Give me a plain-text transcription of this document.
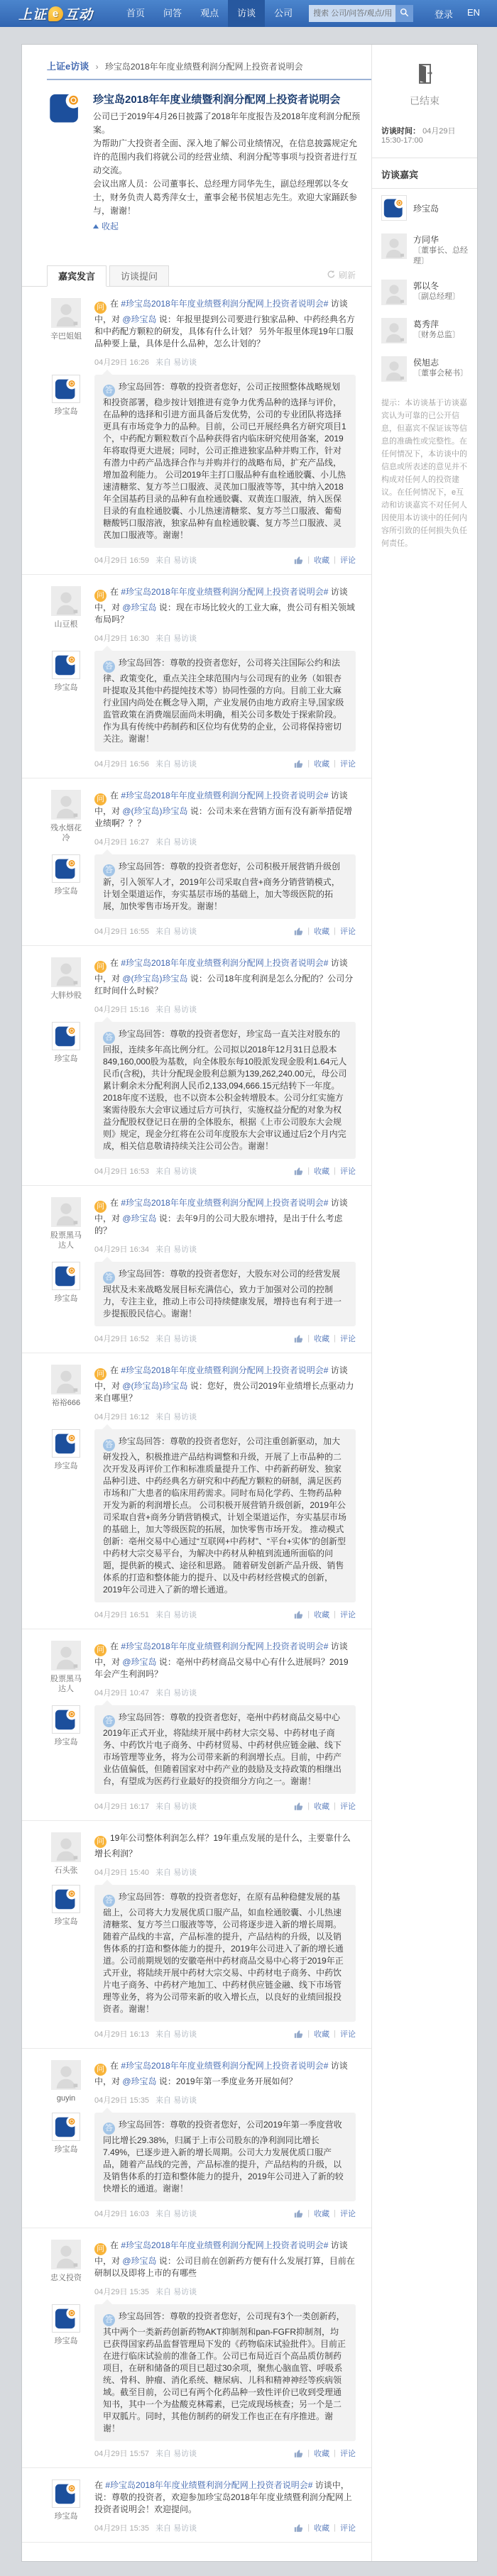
上证 e 互动	首页	问答	观点	访谈	公司
搜索 公司/问答/观点/用户	登录 EN
上证e访谈 › 珍宝岛2018年年度业绩暨利润分配网上投资者说明会
珍宝岛2018年年度业绩暨利润分配网上投资者说明会
公司已于2019年4月26日披露了2018年年度报告及2018年度利润分配预案。
为帮助广大投资者全面、深入地了解公司业绩情况，在信息披露规定允许的范围内我们将就公司的经营业绩、利润分配等事项与投资者进行互动交流。
会议出席人员：公司董事长、总经理方同华先生，副总经理郭以冬女士，财务负责人葛秀萍女士，董事会秘书侯旭志先生。欢迎大家踊跃参与，谢谢！
收起
嘉宾发言	访谈提问	刷新
辛巴姐姐
问 在 #珍宝岛2018年年度业绩暨利润分配网上投资者说明会# 访谈中，对 @珍宝岛 说：年报里提到公司要进行独家品种、中药经典名方和中药配方颗粒的研发，具体有什么计划？ 另外年报里体现19年口服品种要上量，具体是什么品种，怎么计划的？
04月29日 16:26 来自 易访谈
珍宝岛
答 珍宝岛回答：尊敬的投资者您好，公司正按照整体战略规划和投资部署，稳步按计划推进有竞争力优秀品种的选择与评价，在品种的选择和引进方面具备后发优势，公司的专业团队将选择更具有市场竞争力的品种。目前，公司已开展经典名方研究项目1个，中药配方颗粒数百个品种获得省内临床研究使用备案，2019年将取得更大进展；同时，公司正推进独家品种并购工作，针对有潜力中药产品选择合作与并购并行的战略布局，扩充产品线，增加盈利能力。 公司2019年主打口服品种有血栓通胶囊、小儿热速清糖浆、复方芩兰口服液、灵芪加口服液等等，其中纳入2018年全国基药目录的品种有血栓通胶囊、双黄连口服液，纳入医保目录的有血栓通胶囊、小儿热速清糖浆、复方芩兰口服液、葡萄糖酸钙口服溶液，独家品种有血栓通胶囊、复方芩兰口服液、灵芪加口服液等。谢谢！
04月29日 16:59 来自 易访谈	| 收藏 | 评论
山豆根
问 在 #珍宝岛2018年年度业绩暨利润分配网上投资者说明会# 访谈中，对 @珍宝岛 说：现在市场比较火的工业大麻，贵公司有相关领域布局吗？
04月29日 16:30 来自 易访谈
珍宝岛
答 珍宝岛回答：尊敬的投资者您好，公司将关注国际公约和法律、政策变化，重点关注全球范围内与公司现有的业务（如银杏叶提取及其他中药提纯技术等）协同性强的方向。目前工业大麻行业国内尚处在概念导入期，产业发展仍由地方政府主导,国家级监管政策在消费端层面尚未明确，相关公司多数处于探索阶段。作为具有传统中药制药和区位均有优势的企业，公司将保持密切关注。谢谢！
04月29日 16:56 来自 易访谈	| 收藏 | 评论
残水烟花冷
问 在 #珍宝岛2018年年度业绩暨利润分配网上投资者说明会# 访谈中，对 @(珍宝岛)珍宝岛 说：公司未来在营销方面有没有新举措促增业绩啊？？？
04月29日 16:27 来自 易访谈
珍宝岛
答 珍宝岛回答：尊敬的投资者您好，公司积极开展营销升级创新，引入领军人才，2019年公司采取自营+商务分销营销模式，计划全渠道运作，夯实基层市场的基础上，加大等级医院的拓展，加快零售市场开发。谢谢！
04月29日 16:55 来自 易访谈	| 收藏 | 评论
大胖炒股
问 在 #珍宝岛2018年年度业绩暨利润分配网上投资者说明会# 访谈中，对 @(珍宝岛)珍宝岛 说：公司18年度利润是怎么分配的？公司分红时间什么时候？
04月29日 15:16 来自 易访谈
珍宝岛
答 珍宝岛回答：尊敬的投资者您好，珍宝岛一直关注对股东的回报，连续多年高比例分红。公司拟以2018年12月31日总股本849,160,000股为基数，向全体股东每10股派发现金股利1.64元人民币(含税)，共计分配现金股利总额为139,262,240.00元，母公司累计剩余未分配利润人民币2,133,094,666.15元结转下一年度。2018年度不送股，也不以资本公积金转增股本。公司分红实施方案需待股东大会审议通过后方可执行，实施权益分配的对象为权益分配股权登记日在册的全体股东，根据《上市公司股东大会规则》规定，现金分红将在公司年度股东大会审议通过后2个月内完成，相关信息敬请持续关注公司公告。谢谢！
04月29日 16:53 来自 易访谈	| 收藏 | 评论
股票黑马达人
问 在 #珍宝岛2018年年度业绩暨利润分配网上投资者说明会# 访谈中，对 @珍宝岛 说：去年9月的公司大股东增持，是出于什么考虑的？
04月29日 16:34 来自 易访谈
珍宝岛
答 珍宝岛回答：尊敬的投资者您好，大股东对公司的经营发展现状及未来战略发展目标充满信心，致力于加强对公司的控制力，专注主业，推动上市公司持续健康发展，增持也有利于进一步提振股民信心。谢谢！
04月29日 16:52 来自 易访谈	| 收藏 | 评论
裕裕666
问 在 #珍宝岛2018年年度业绩暨利润分配网上投资者说明会# 访谈中，对 @(珍宝岛)珍宝岛 说：您好，贵公司2019年业绩增长点驱动力来自哪里？
04月29日 16:12 来自 易访谈
珍宝岛
答 珍宝岛回答：尊敬的投资者您好，公司注重创新驱动，加大研发投入，积极推进产品结构调整和升级，开展了上市品种的二次开发及再评价工作和标准质量提升工作、中药新药研发、独家品种引进、中药经典名方研究和中药配方颗粒的研制，满足医药市场和广大患者的临床用药需求。同时布局化学药、生物药品种开发为新的利润增长点。 公司积极开展营销升级创新，2019年公司采取自营+商务分销营销模式，计划全渠道运作，夯实基层市场的基础上，加大等级医院的拓展，加快零售市场开发。 推动模式创新：亳州交易中心通过“互联网+中药材”、“平台+实体”的创新型中药材大宗交易平台，为解决中药材从种植到流通所面临的问题，提供新的模式、途径和思路。 随着研发创新产品升级、销售体系的打造和整体能力的提升、以及中药材经营模式的创新，2019年公司进入了新的增长通道。
04月29日 16:51 来自 易访谈	| 收藏 | 评论
股票黑马达人
问 在 #珍宝岛2018年年度业绩暨利润分配网上投资者说明会# 访谈中，对 @珍宝岛 说：亳州中药材商品交易中心有什么进展吗？2019年会产生利润吗？
04月29日 10:47 来自 易访谈
珍宝岛
答 珍宝岛回答：尊敬的投资者您好，亳州中药材商品交易中心2019年正式开业，将陆续开展中药材大宗交易、中药材电子商务、中药饮片电子商务、中药材贸易、中药材供应链金融、线下市场管理等业务，将为公司带来新的利润增长点。目前，中药产业估值偏低，但随着国家对中药产业的鼓励及支持政策的相继出台，有望成为医药行业最好的投资细分方向之一。谢谢！
04月29日 16:17 来自 易访谈	| 收藏 | 评论
石头张
问 19年公司整体利润怎么样？19年重点发展的是什么，主要靠什么增长利润？
04月29日 15:40 来自 易访谈
珍宝岛
答 珍宝岛回答：尊敬的投资者您好，在原有品种稳健发展的基础上，公司将大力发展优质口服产品，如血栓通胶囊、小儿热速清糖浆、复方芩兰口服液等等，公司将逐步进入新的增长周期。随着产品线的丰富，产品标准的提升，产品结构的升级，以及销售体系的打造和整体能力的提升，2019年公司进入了新的增长通道。公司前期规划的安徽亳州中药材商品交易中心将于2019年正式开业，将陆续开展中药材大宗交易、中药材电子商务、中药饮片电子商务、中药材产地加工、中药材供应链金融、线下市场管理等业务，将为公司带来新的收入增长点，以良好的业绩回报投资者。谢谢！
04月29日 16:13 来自 易访谈	| 收藏 | 评论
guyin
问 在 #珍宝岛2018年年度业绩暨利润分配网上投资者说明会# 访谈中，对 @珍宝岛 说：2019年第一季度业务开展如何？
04月29日 15:35 来自 易访谈
珍宝岛
答 珍宝岛回答：尊敬的投资者您好，公司2019年第一季度营收同比增长29.38%，归属于上市公司股东的净利润同比增长7.49%，已逐步进入新的增长周期。公司大力发展优质口服产品，随着产品线的完善，产品标准的提升，产品结构的升级，以及销售体系的打造和整体能力的提升，2019年公司进入了新的较快增长的通道。谢谢！
04月29日 16:03 来自 易访谈	| 收藏 | 评论
忠义投资
问 在 #珍宝岛2018年年度业绩暨利润分配网上投资者说明会# 访谈中，对 @珍宝岛 说：公司目前在创新药方便有什么发展打算，目前在研制以及即将上市的有哪些
04月29日 15:35 来自 易访谈
珍宝岛
答 珍宝岛回答：尊敬的投资者您好，公司现有3个一类创新药，其中两个一类新药创新药物AKT抑制剂和pan-FGFR抑制剂，均已获得国家药品监督管理局下发的《药物临床试验批件》。目前正在进行临床试验前的准备工作。公司已布局近百个高品质仿制药项目，在研和储备的项目已超过30余项，聚焦心脑血管、呼吸系统、骨科、肿瘤、消化系统、糖尿病、儿科和精神神经等疾病领域。截至目前，公司已有两个化药品种一致性评价已收到受理通知书，其中一个为盐酸克林霉素，已完成现场核查；另一个是二甲双胍片。同时，其他仿制药的研发工作也正在有序推进。谢谢！
04月29日 15:57 来自 易访谈	| 收藏 | 评论
珍宝岛
在 #珍宝岛2018年年度业绩暨利润分配网上投资者说明会# 访谈中，说：尊敬的投资者，欢迎参加珍宝岛2018年年度业绩暨利润分配网上投资者说明会！欢迎提问。
04月29日 15:35 来自 易访谈	| 收藏 | 评论
已结束
访谈时间： 04月29日 15:30-17:00
访谈嘉宾
珍宝岛
方同华
〔董事长、总经理〕
郭以冬
〔副总经理〕
葛秀萍
〔财务总监〕
侯旭志
〔董事会秘书〕
提示：本访谈基于访谈嘉宾认为可靠的已公开信息，但嘉宾不保证该等信息的准确性或完整性。在任何情况下，本访谈中的信息或所表述的意见并不构成对任何人的投资建议。在任何情况下，e互动和访谈嘉宾不对任何人因使用本访谈中的任何内容所引致的任何损失负任何责任。
